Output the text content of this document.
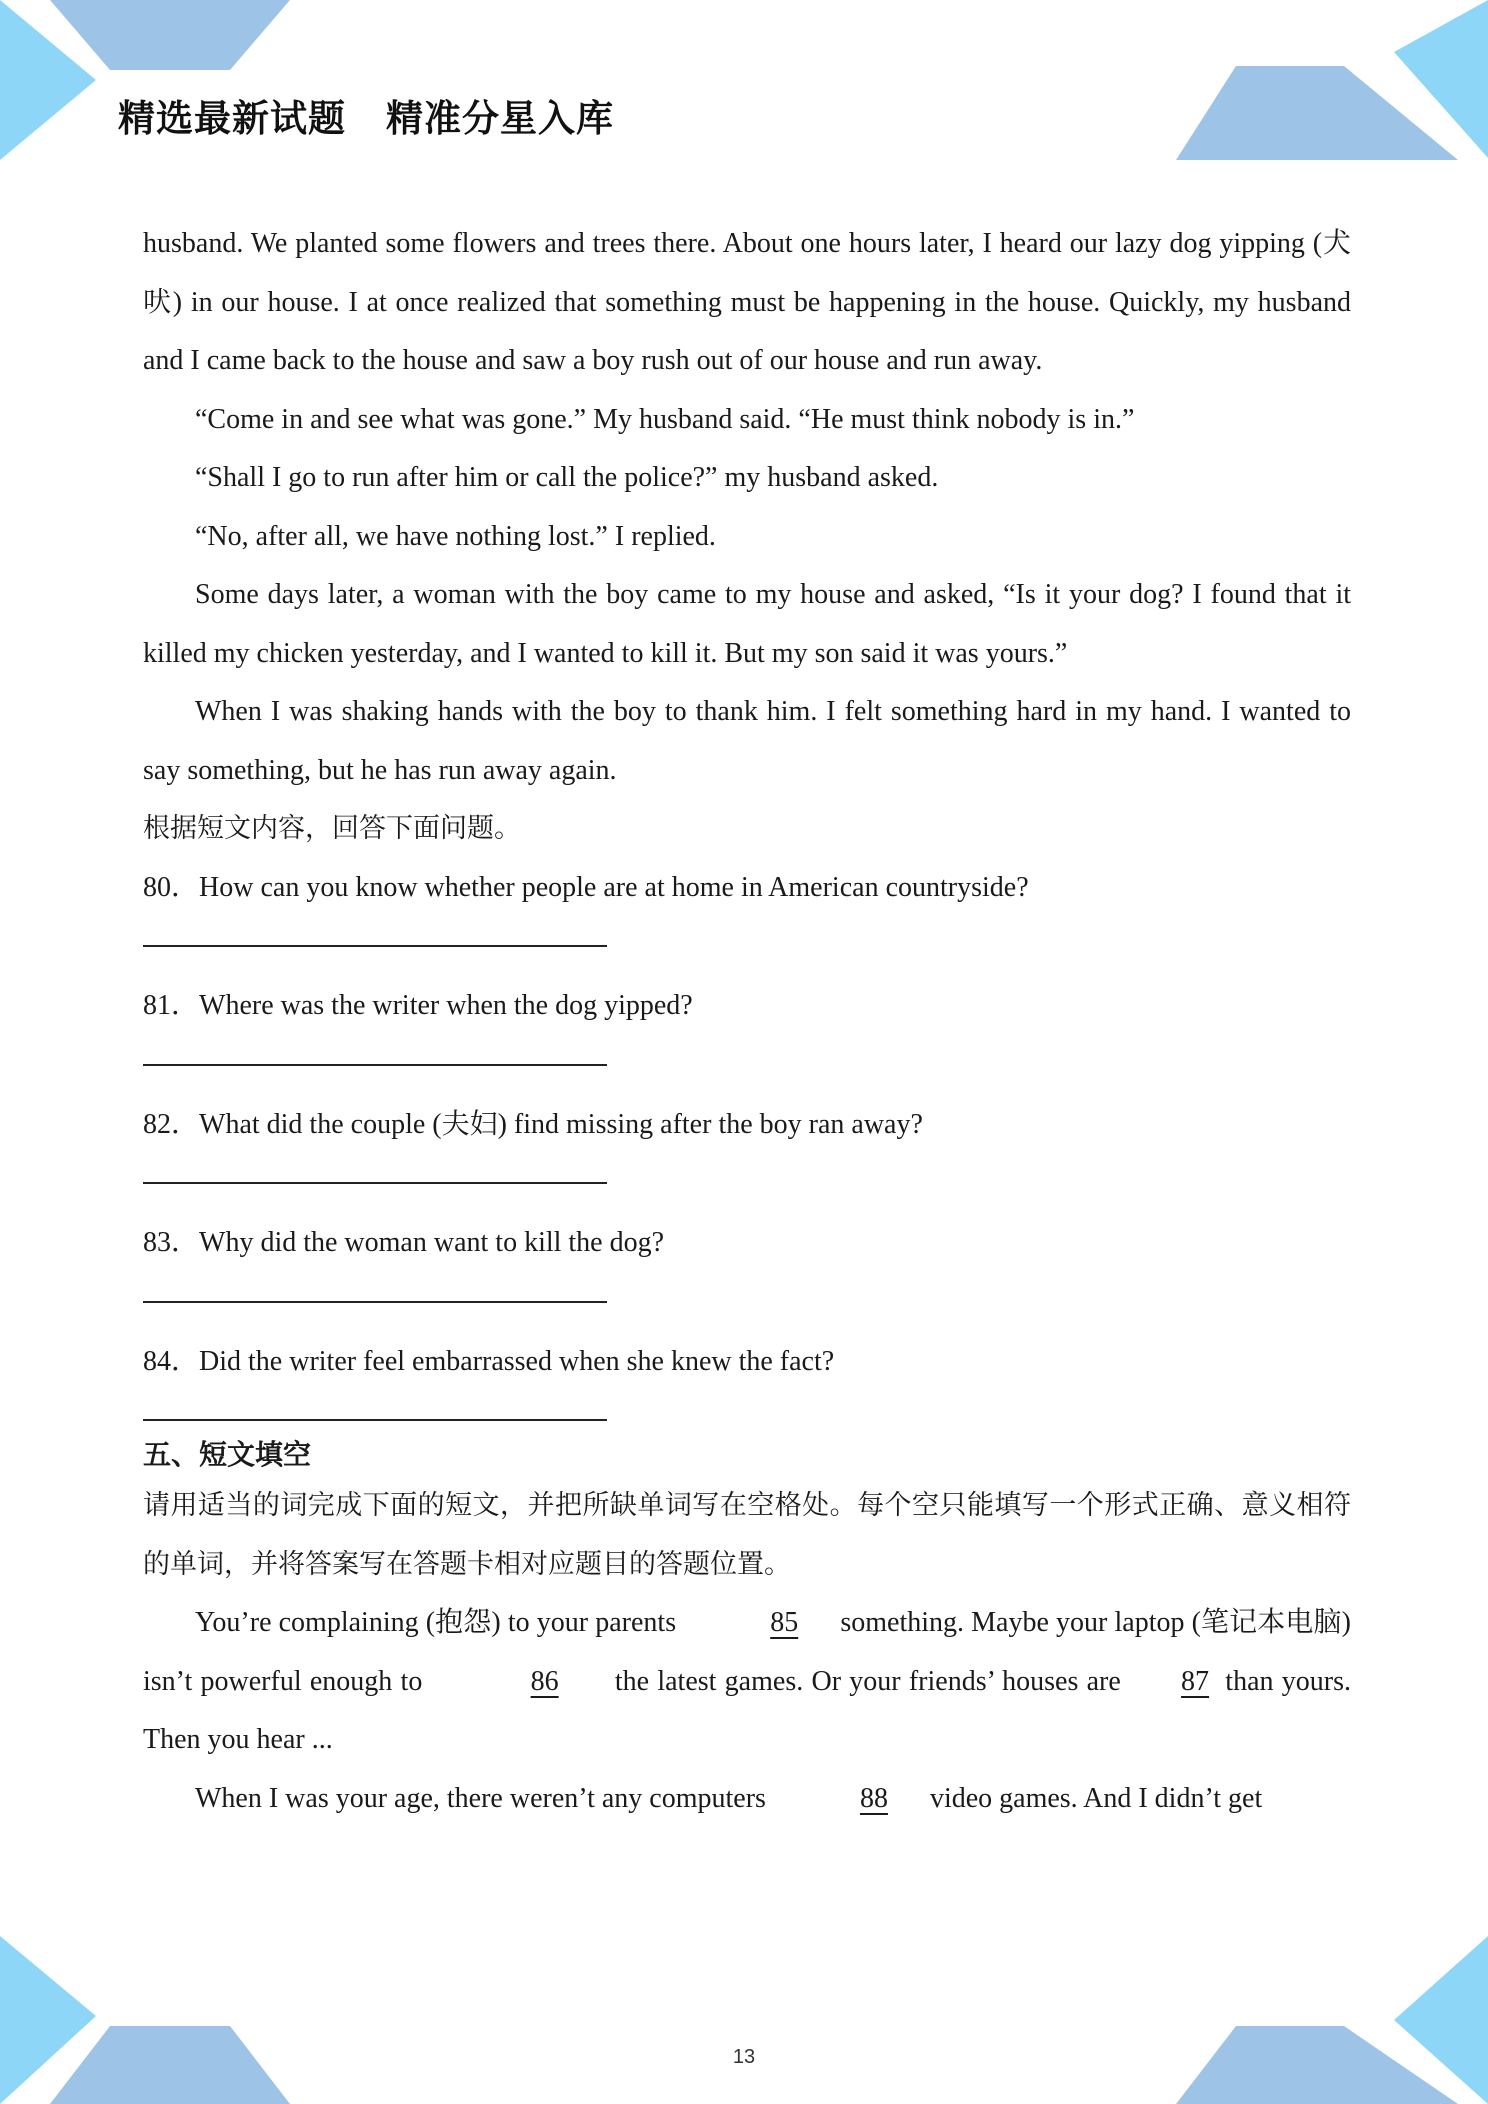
精选最新试题 精准分星入库

husband. We planted some flowers and trees there. About one hours later, I heard our lazy dog yipping (犬吠) in our house. I at once realized that something must be happening in the house. Quickly, my husband and I came back to the house and saw a boy rush out of our house and run away.

“Come in and see what was gone.” My husband said. “He must think nobody is in.”

“Shall I go to run after him or call the police?” my husband asked.

“No, after all, we have nothing lost.” I replied.

Some days later, a woman with the boy came to my house and asked, “Is it your dog? I found that it killed my chicken yesterday, and I wanted to kill it. But my son said it was yours.”

When I was shaking hands with the boy to thank him. I felt something hard in my hand. I wanted to say something, but he has run away again.

根据短文内容，回答下面问题。

80．How can you know whether people are at home in American countryside?

81．Where was the writer when the dog yipped?

82．What did the couple (夫妇) find missing after the boy ran away?

83．Why did the woman want to kill the dog?

84．Did the writer feel embarrassed when she knew the fact?

五、短文填空

请用适当的词完成下面的短文，并把所缺单词写在空格处。每个空只能填写一个形式正确、意义相符的单词，并将答案写在答题卡相对应题目的答题位置。

You’re complaining (抱怨) to your parents	85 something. Maybe your laptop (笔记本电脑) isn’t powerful enough to	86 the latest games. Or your friends’ houses are 87 than yours. Then you hear ...

When I was your age, there weren’t any computers	88 video games. And I didn’t get

13
